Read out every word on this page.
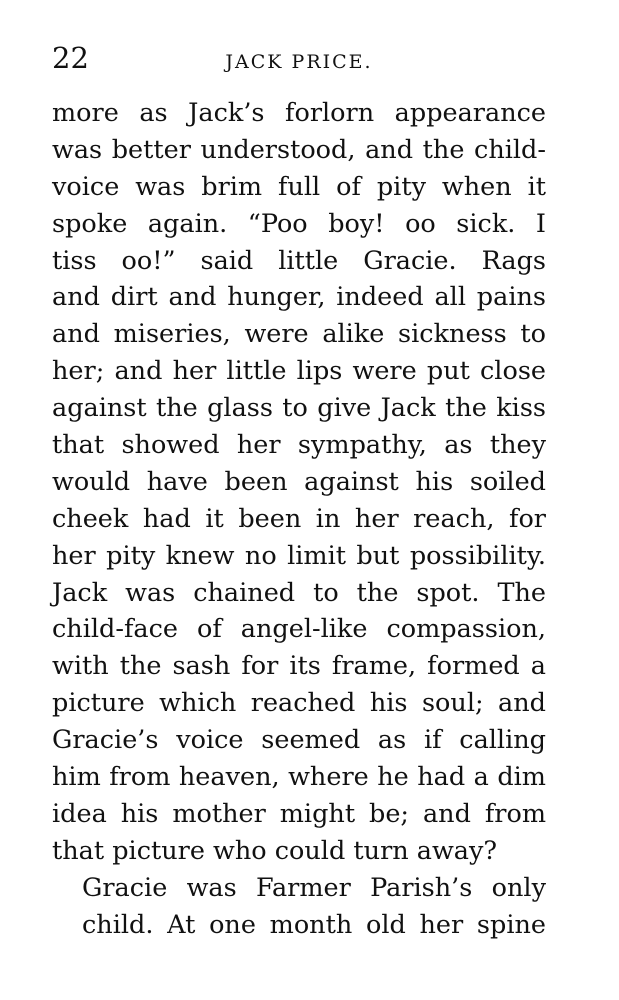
22	JACK PRICE.
more as Jack’s forlorn appearance
was better understood, and the child-
voice was brim full of pity when it
spoke again. “Poo boy! oo sick. I
tiss oo!” said little Gracie. Rags
and dirt and hunger, indeed all pains
and miseries, were alike sickness to
her; and her little lips were put close
against the glass to give Jack the kiss
that showed her sympathy, as they
would have been against his soiled
cheek had it been in her reach, for
her pity knew no limit but possibility.
Jack was chained to the spot. The
child-face of angel-like compassion,
with the sash for its frame, formed a
picture which reached his soul; and
Gracie’s voice seemed as if calling
him from heaven, where he had a dim
idea his mother might be; and from
that picture who could turn away?
Gracie was Farmer Parish’s only
child. At one month old her spine
